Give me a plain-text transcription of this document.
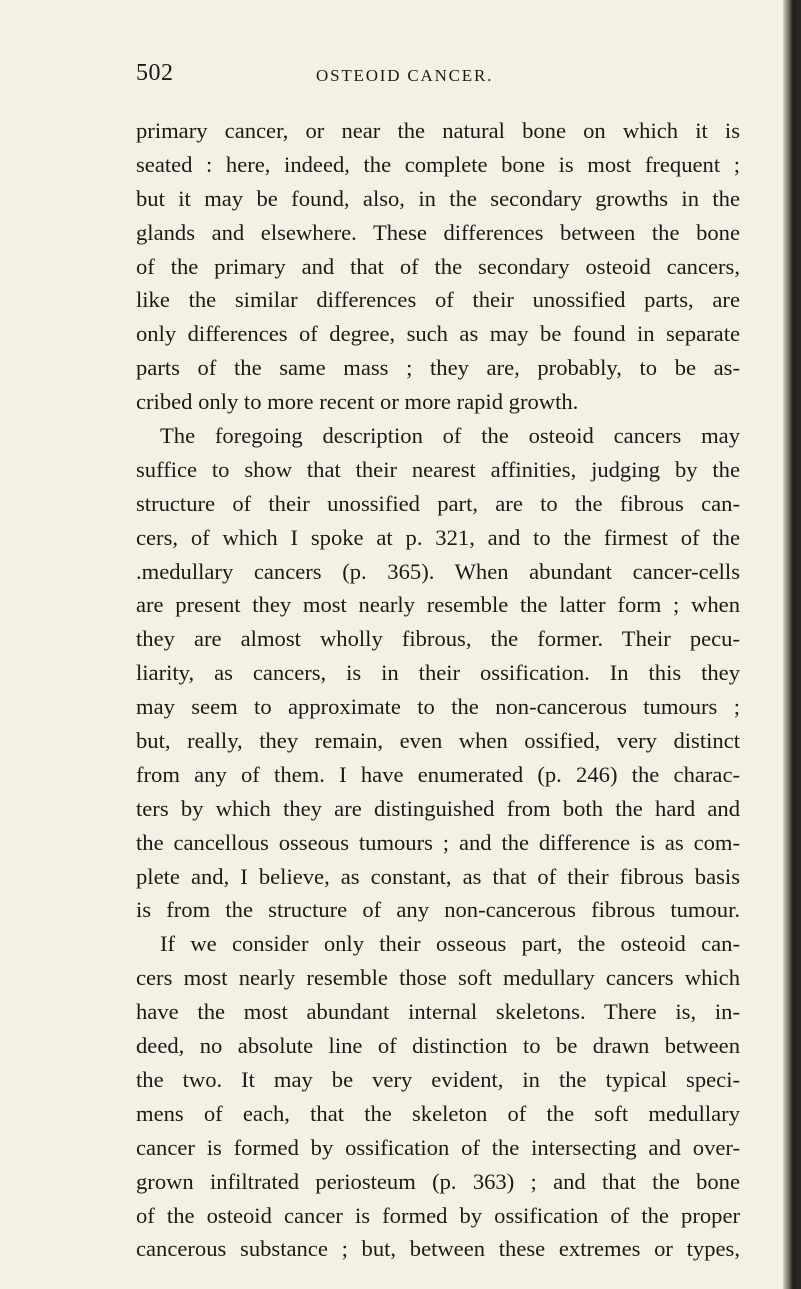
502	OSTEOID CANCER.
primary cancer, or near the natural bone on which it is
seated : here, indeed, the complete bone is most frequent ;
but it may be found, also, in the secondary growths in the
glands and elsewhere. These differences between the bone
of the primary and that of the secondary osteoid cancers,
like the similar differences of their unossified parts, are
only differences of degree, such as may be found in separate
parts of the same mass ; they are, probably, to be as-
cribed only to more recent or more rapid growth.
The foregoing description of the osteoid cancers may
suffice to show that their nearest affinities, judging by the
structure of their unossified part, are to the fibrous can-
cers, of which I spoke at p. 321, and to the firmest of the
.medullary cancers (p. 365). When abundant cancer-cells
are present they most nearly resemble the latter form ; when
they are almost wholly fibrous, the former. Their pecu-
liarity, as cancers, is in their ossification. In this they
may seem to approximate to the non-cancerous tumours ;
but, really, they remain, even when ossified, very distinct
from any of them. I have enumerated (p. 246) the charac-
ters by which they are distinguished from both the hard and
the cancellous osseous tumours ; and the difference is as com-
plete and, I believe, as constant, as that of their fibrous basis
is from the structure of any non-cancerous fibrous tumour.
If we consider only their osseous part, the osteoid can-
cers most nearly resemble those soft medullary cancers which
have the most abundant internal skeletons. There is, in-
deed, no absolute line of distinction to be drawn between
the two. It may be very evident, in the typical speci-
mens of each, that the skeleton of the soft medullary
cancer is formed by ossification of the intersecting and over-
grown infiltrated periosteum (p. 363) ; and that the bone
of the osteoid cancer is formed by ossification of the proper
cancerous substance ; but, between these extremes or types,
